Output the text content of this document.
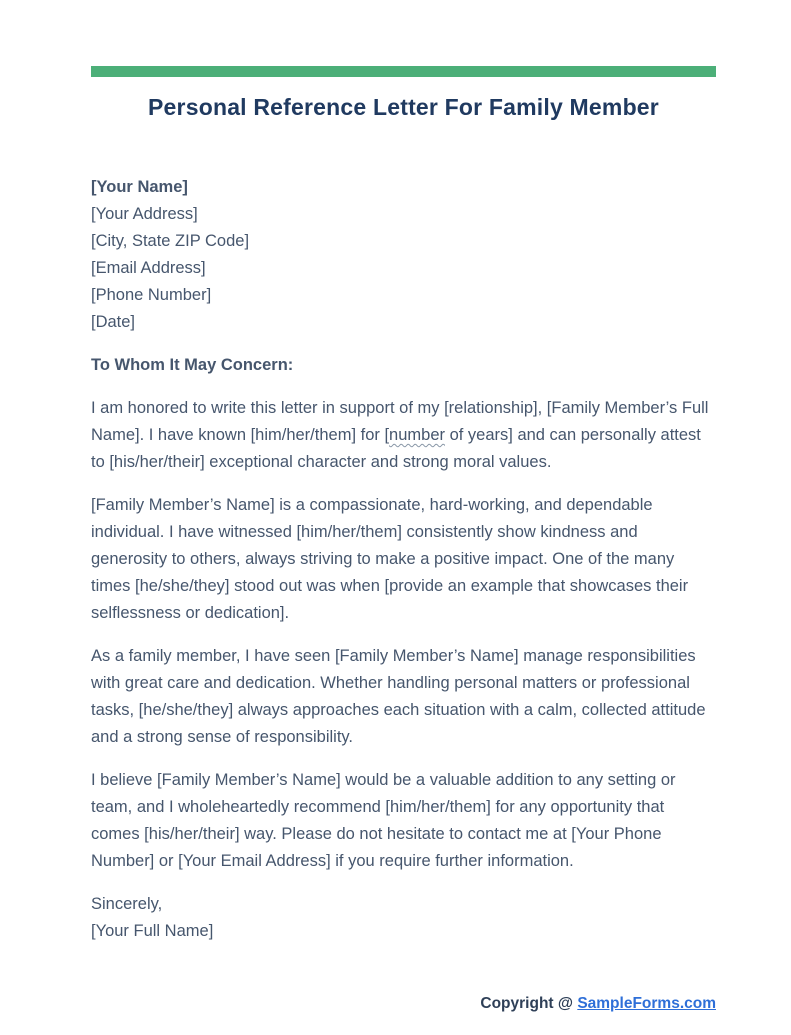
Personal Reference Letter For Family Member
[Your Name]
[Your Address]
[City, State ZIP Code]
[Email Address]
[Phone Number]
[Date]

To Whom It May Concern:

I am honored to write this letter in support of my [relationship], [Family Member’s Full Name]. I have known [him/her/them] for [number of years] and can personally attest to [his/her/their] exceptional character and strong moral values.

[Family Member’s Name] is a compassionate, hard-working, and dependable individual. I have witnessed [him/her/them] consistently show kindness and generosity to others, always striving to make a positive impact. One of the many times [he/she/they] stood out was when [provide an example that showcases their selflessness or dedication].

As a family member, I have seen [Family Member’s Name] manage responsibilities with great care and dedication. Whether handling personal matters or professional tasks, [he/she/they] always approaches each situation with a calm, collected attitude and a strong sense of responsibility.

I believe [Family Member’s Name] would be a valuable addition to any setting or team, and I wholeheartedly recommend [him/her/them] for any opportunity that comes [his/her/their] way. Please do not hesitate to contact me at [Your Phone Number] or [Your Email Address] if you require further information.

Sincerely,
[Your Full Name]
Copyright @ SampleForms.com
